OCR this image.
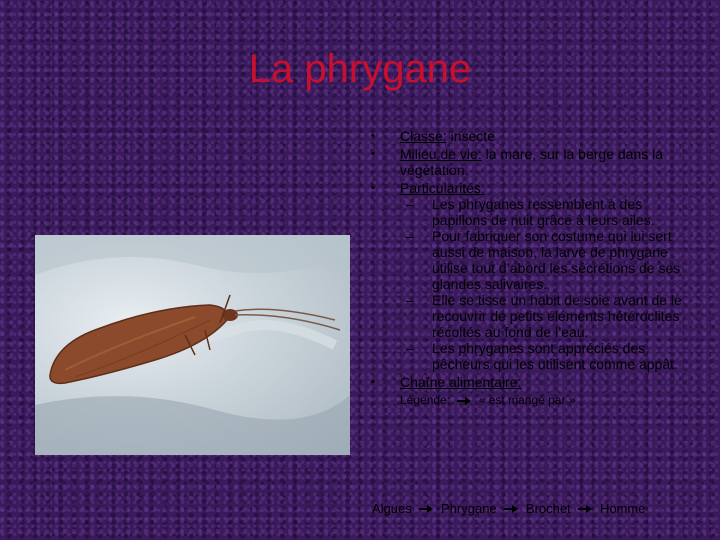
La phrygane
• Classe: insecte
• Milieu de vie: la mare, sur la berge dans la végétation.
• Particularités:
– Les phryganes ressemblent à des papillons de nuit grâce à leurs ailes.
– Pour fabriquer son costume qui lui sert aussi de maison, la larve de phrygane utilise tout d’abord les sécrétions de ses glandes salivaires.
– Elle se tisse un habit de soie avant de le recouvrir de petits éléments hétéroclites récoltés au fond de l’eau.
– Les phryganes sont appréciés des pêcheurs qui les utilisent comme appât.
• Chaîne alimentaire:
Légende: « est mangé par »
Algues Phrygane Brochet Homme
